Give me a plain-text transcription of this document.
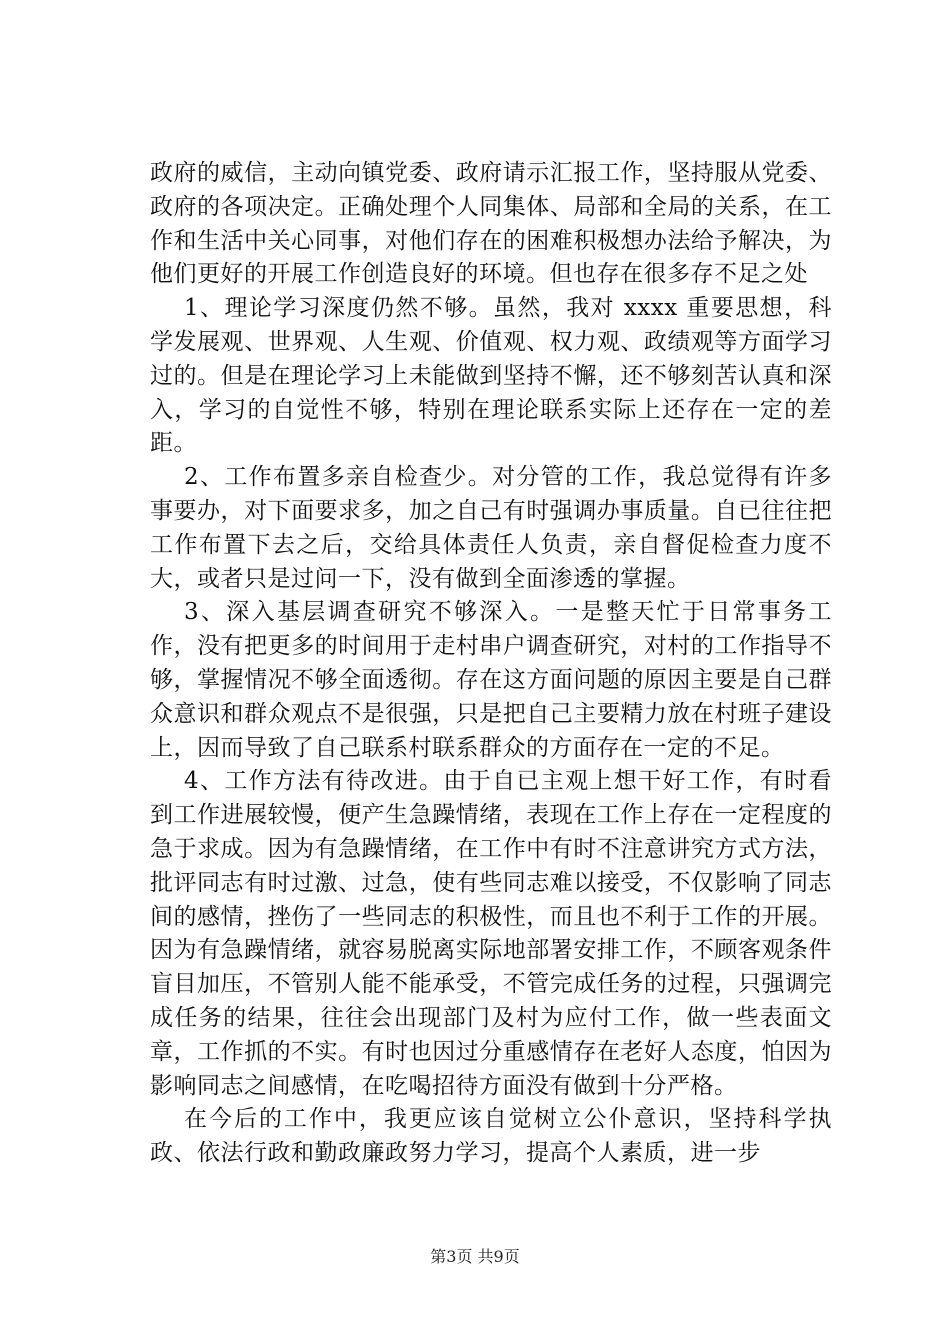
政府的威信，主动向镇党委、政府请示汇报工作，坚持服从党委、政府的各项决定。正确处理个人同集体、局部和全局的关系，在工作和生活中关心同事，对他们存在的困难积极想办法给予解决，为他们更好的开展工作创造良好的环境。但也存在很多存不足之处

1、理论学习深度仍然不够。虽然，我对 xxxx 重要思想，科学发展观、世界观、人生观、价值观、权力观、政绩观等方面学习过的。但是在理论学习上未能做到坚持不懈，还不够刻苦认真和深入，学习的自觉性不够，特别在理论联系实际上还存在一定的差距。

2、工作布置多亲自检查少。对分管的工作，我总觉得有许多事要办，对下面要求多，加之自己有时强调办事质量。自已往往把工作布置下去之后，交给具体责任人负责，亲自督促检查力度不大，或者只是过问一下，没有做到全面渗透的掌握。

3、深入基层调查研究不够深入。一是整天忙于日常事务工作，没有把更多的时间用于走村串户调查研究，对村的工作指导不够，掌握情况不够全面透彻。存在这方面问题的原因主要是自己群众意识和群众观点不是很强，只是把自己主要精力放在村班子建设上，因而导致了自己联系村联系群众的方面存在一定的不足。

4、工作方法有待改进。由于自已主观上想干好工作，有时看到工作进展较慢，便产生急躁情绪，表现在工作上存在一定程度的急于求成。因为有急躁情绪，在工作中有时不注意讲究方式方法，批评同志有时过激、过急，使有些同志难以接受，不仅影响了同志间的感情，挫伤了一些同志的积极性，而且也不利于工作的开展。因为有急躁情绪，就容易脱离实际地部署安排工作，不顾客观条件盲目加压，不管别人能不能承受，不管完成任务的过程，只强调完成任务的结果，往往会出现部门及村为应付工作，做一些表面文章，工作抓的不实。有时也因过分重感情存在老好人态度，怕因为影响同志之间感情，在吃喝招待方面没有做到十分严格。

在今后的工作中，我更应该自觉树立公仆意识，坚持科学执政、依法行政和勤政廉政努力学习，提高个人素质，进一步

第3页 共9页
